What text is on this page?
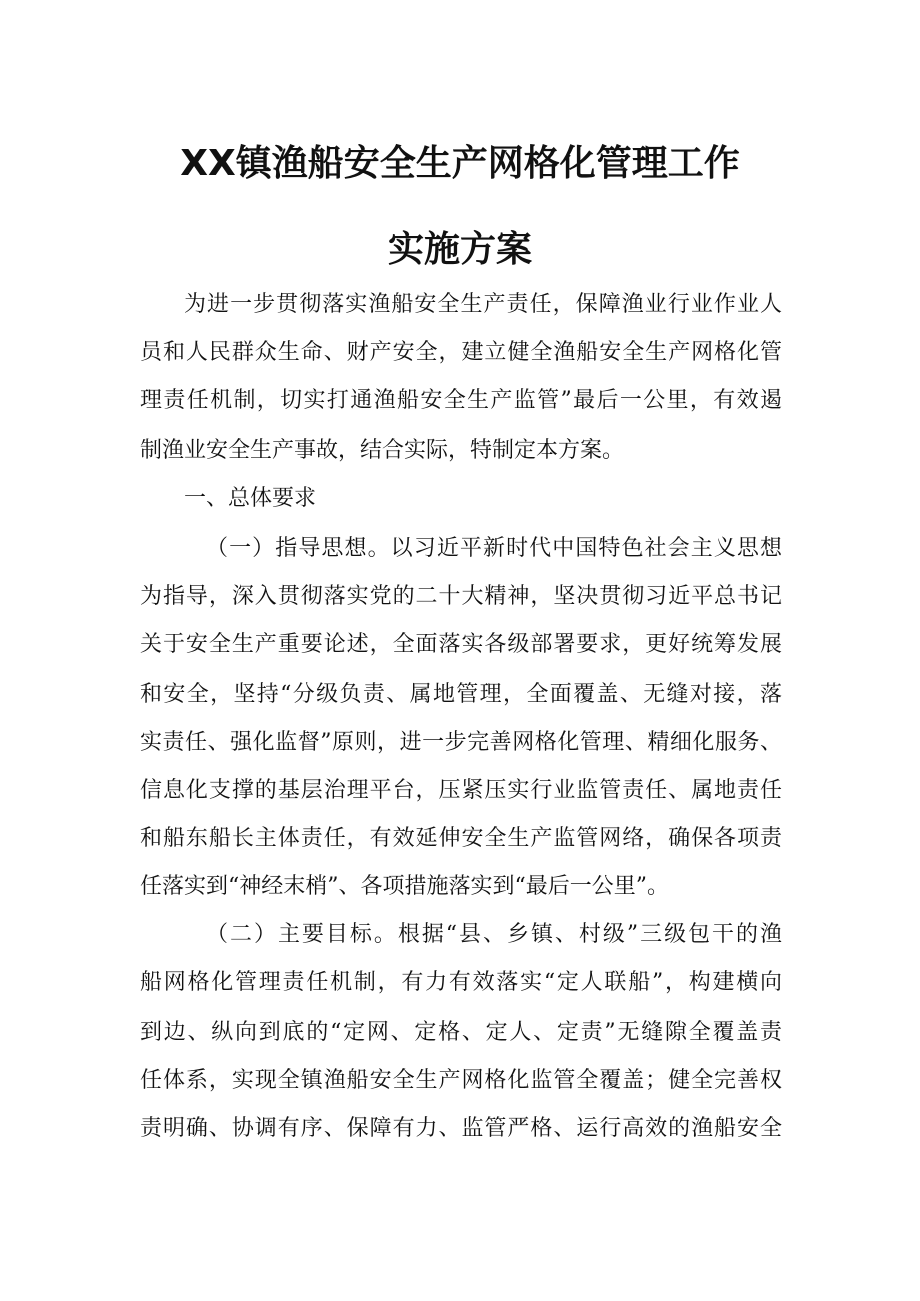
XX镇渔船安全生产网格化管理工作
实施方案
为进一步贯彻落实渔船安全生产责任，保障渔业行业作业人
员和人民群众生命、财产安全，建立健全渔船安全生产网格化管
理责任机制，切实打通渔船安全生产监管”最后一公里，有效遏
制渔业安全生产事故，结合实际，特制定本方案。
一、总体要求
（一）指导思想。以习近平新时代中国特色社会主义思想
为指导，深入贯彻落实党的二十大精神，坚决贯彻习近平总书记
关于安全生产重要论述，全面落实各级部署要求，更好统筹发展
和安全，坚持“分级负责、属地管理，全面覆盖、无缝对接，落
实责任、强化监督”原则，进一步完善网格化管理、精细化服务、
信息化支撑的基层治理平台，压紧压实行业监管责任、属地责任
和船东船长主体责任，有效延伸安全生产监管网络，确保各项责
任落实到“神经末梢”、各项措施落实到“最后一公里”。
（二）主要目标。根据“县、乡镇、村级”三级包干的渔
船网格化管理责任机制，有力有效落实“定人联船”，构建横向
到边、纵向到底的“定网、定格、定人、定责”无缝隙全覆盖责
任体系，实现全镇渔船安全生产网格化监管全覆盖；健全完善权
责明确、协调有序、保障有力、监管严格、运行高效的渔船安全
